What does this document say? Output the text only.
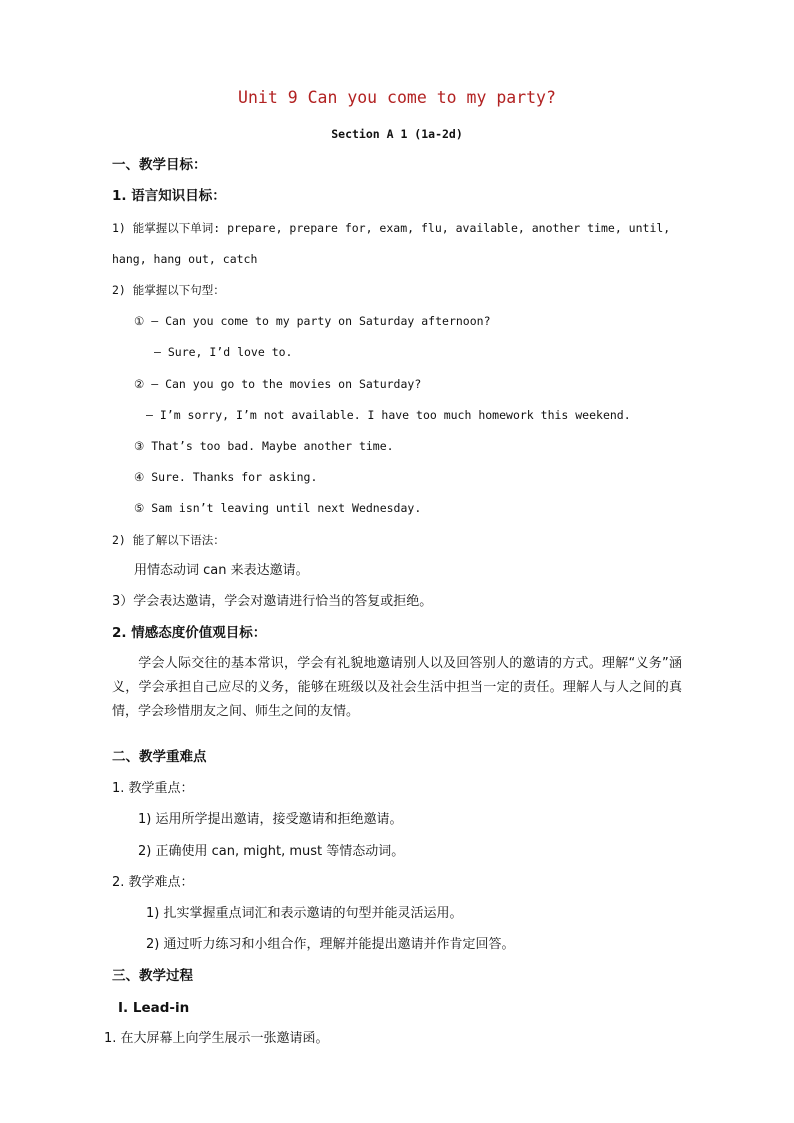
Unit 9 Can you come to my party?
Section A 1 (1a-2d)
一、教学目标：
1. 语言知识目标：
1) 能掌握以下单词: prepare, prepare for, exam, flu, available, another time, until,
hang, hang out, catch
2) 能掌握以下句型：
① — Can you come to my party on Saturday afternoon?
— Sure, I’d love to.
② — Can you go to the movies on Saturday?
— I’m sorry, I’m not available. I have too much homework this weekend.
③ That’s too bad. Maybe another time.
④ Sure. Thanks for asking.
⑤ Sam isn’t leaving until next Wednesday.
2) 能了解以下语法：
用情态动词 can 来表达邀请。
3）学会表达邀请，学会对邀请进行恰当的答复或拒绝。
2. 情感态度价值观目标：
学会人际交往的基本常识，学会有礼貌地邀请别人以及回答别人的邀请的方式。理解“义务”涵义，学会承担自己应尽的义务，能够在班级以及社会生活中担当一定的责任。理解人与人之间的真情，学会珍惜朋友之间、师生之间的友情。
二、教学重难点
1. 教学重点：
1) 运用所学提出邀请，接受邀请和拒绝邀请。
2) 正确使用 can, might, must 等情态动词。
2. 教学难点：
1) 扎实掌握重点词汇和表示邀请的句型并能灵活运用。
2) 通过听力练习和小组合作，理解并能提出邀请并作肯定回答。
三、教学过程
Ⅰ. Lead-in
1. 在大屏幕上向学生展示一张邀请函。
